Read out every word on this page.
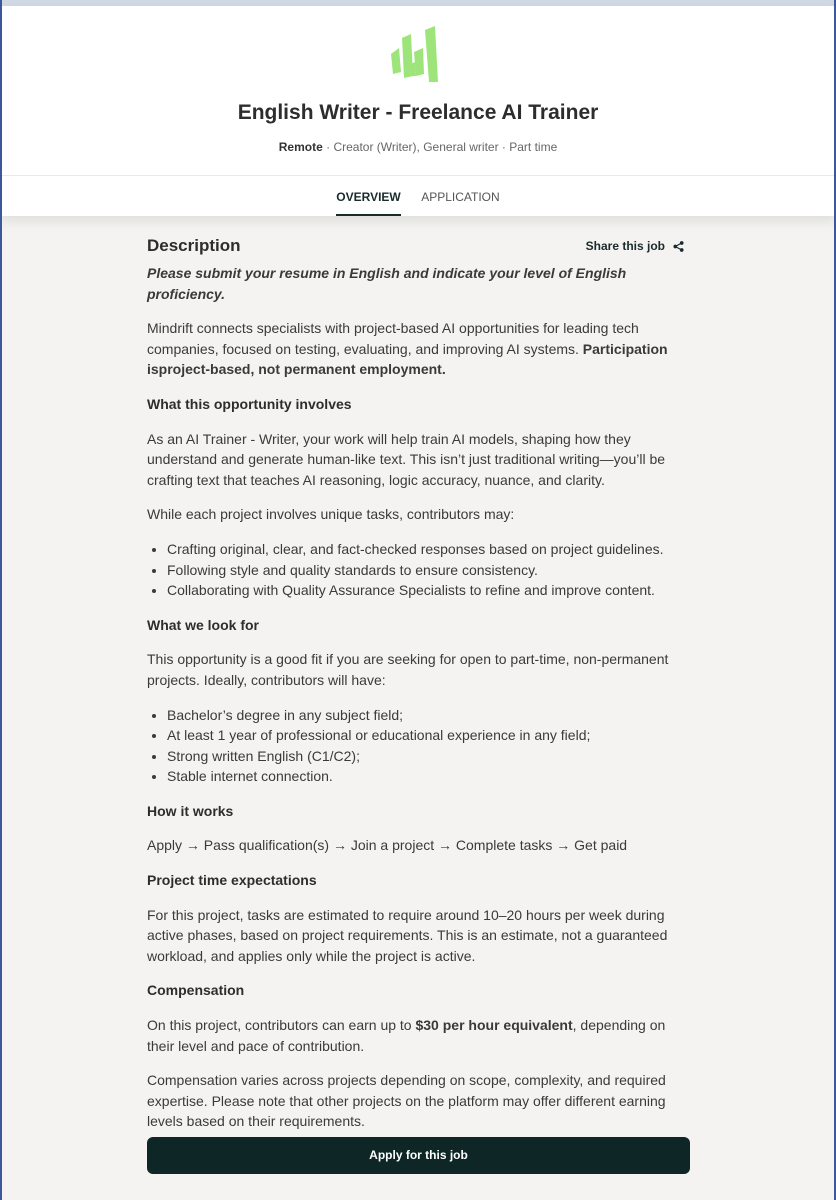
English Writer - Freelance AI Trainer
Remote · Creator (Writer), General writer · Part time
OVERVIEW APPLICATION
Description	Share this job

Please submit your resume in English and indicate your level of English proficiency.

Mindrift connects specialists with project-based AI opportunities for leading tech companies, focused on testing, evaluating, and improving AI systems. Participation isproject-based, not permanent employment.

What this opportunity involves

As an AI Trainer - Writer, your work will help train AI models, shaping how they understand and generate human-like text. This isn’t just traditional writing—you’ll be crafting text that teaches AI reasoning, logic accuracy, nuance, and clarity.

While each project involves unique tasks, contributors may:

• Crafting original, clear, and fact-checked responses based on project guidelines.
• Following style and quality standards to ensure consistency.
• Collaborating with Quality Assurance Specialists to refine and improve content.

What we look for

This opportunity is a good fit if you are seeking for open to part-time, non-permanent projects. Ideally, contributors will have:

• Bachelor’s degree in any subject field;
• At least 1 year of professional or educational experience in any field;
• Strong written English (C1/C2);
• Stable internet connection.

How it works

Apply → Pass qualification(s) → Join a project → Complete tasks → Get paid

Project time expectations

For this project, tasks are estimated to require around 10–20 hours per week during active phases, based on project requirements. This is an estimate, not a guaranteed workload, and applies only while the project is active.

Compensation

On this project, contributors can earn up to $30 per hour equivalent, depending on their level and pace of contribution.

Compensation varies across projects depending on scope, complexity, and required expertise. Please note that other projects on the platform may offer different earning levels based on their requirements.

Apply for this job
